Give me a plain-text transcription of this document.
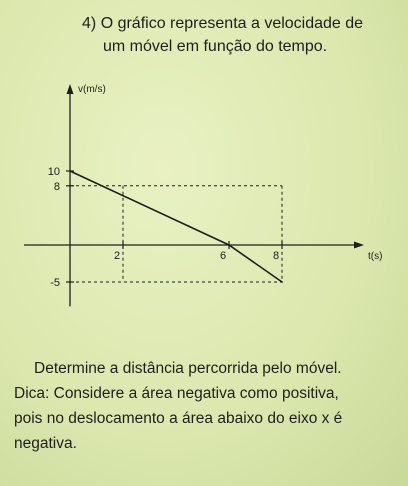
4) O gráfico representa a velocidade de
um móvel em função do tempo.
10
8
-5
2	6	8
v(m/s)
t(s)

Determine a distância percorrida pelo móvel.

Dica: Considere a área negativa como positiva,

pois no deslocamento a área abaixo do eixo x é

negativa.
